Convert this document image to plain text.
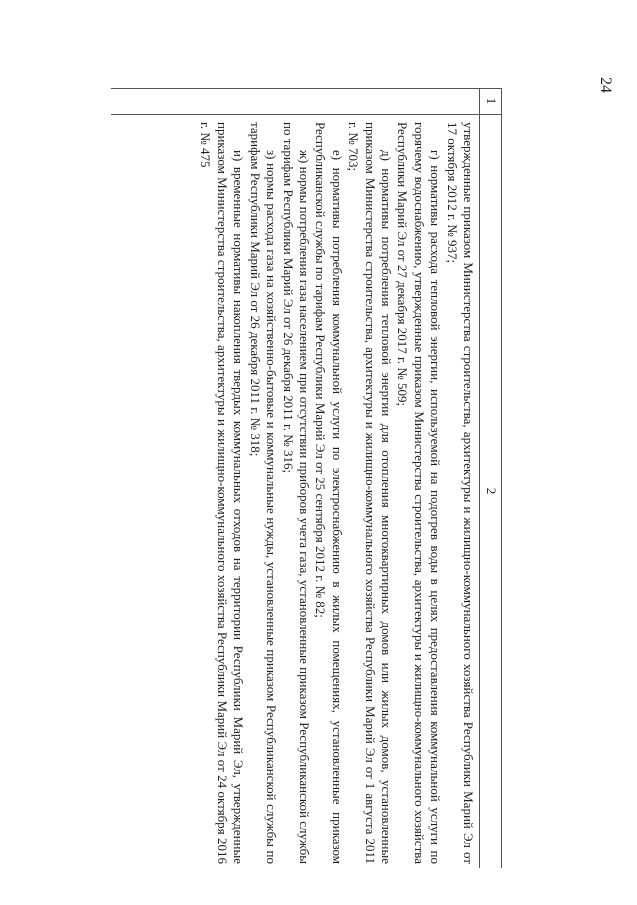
24
1
2

утвержденные приказом Министерства строительства, архитектуры и жилищно-коммунального хозяйства Республики Марий Эл от 17 октября 2012 г. № 937;

г) нормативы расхода тепловой энергии, используемой на подогрев воды в целях предоставления коммунальной услуги по горячему водоснабжению, утвержденные приказом Министерства строительства, архитектуры и жилищно-коммунального хозяйства Республики Марий Эл от 27 декабря 2017 г. № 509;

д) нормативы потребления тепловой энергии для отопления многоквартирных домов или жилых домов, установленные приказом Министерства строительства, архитектуры и жилищно-коммунального хозяйства Республики Марий Эл от 1 августа 2011 г. № 703;

е) нормативы потребления коммунальной услуги по электроснабжению в жилых помещениях, установленные приказом Республиканской службы по тарифам Республики Марий Эл от 25 сентября 2012 г. № 82;

ж) нормы потребления газа населением при отсутствии приборов учета газа, установленные приказом Республиканской службы по тарифам Республики Марий Эл от 26 декабря 2011 г. № 316;

з) нормы расхода газа на хозяйственно-бытовые и коммунальные нужды, установленные приказом Республиканской службы по тарифам Республики Марий Эл от 26 декабря 2011 г. № 318;

и) временные нормативы накопления твердых коммунальных отходов на территории Республики Марий Эл, утвержденные приказом Министерства строительства, архитектуры и жилищно-коммунального хозяйства Республики Марий Эл от 24 октября 2016 г. № 475
